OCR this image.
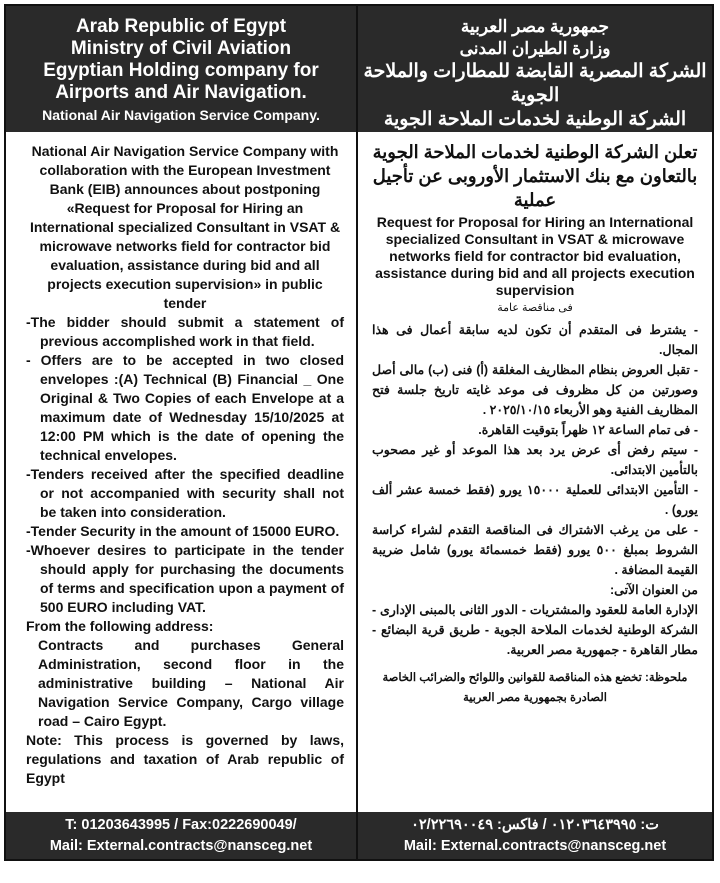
Arab Republic of Egypt
Ministry of Civil Aviation
Egyptian Holding company for
Airports and Air Navigation.
National Air Navigation Service Company.

National Air Navigation Service Company with collaboration with the European Investment Bank (EIB) announces about postponing «Request for Proposal for Hiring an International specialized Consultant in VSAT & microwave networks field for contractor bid evaluation, assistance during bid and all projects execution supervision» in public tender

-The bidder should submit a statement of previous accomplished work in that field.

- Offers are to be accepted in two closed envelopes :(A) Technical (B) Financial _ One Original & Two Copies of each Envelope at a maximum date of Wednesday 15/10/2025 at 12:00 PM which is the date of opening the technical envelopes.

-Tenders received after the specified deadline or not accompanied with security shall not be taken into consideration.

-Tender Security in the amount of 15000 EURO.

-Whoever desires to participate in the tender should apply for purchasing the documents of terms and specification upon a payment of 500 EURO including VAT.

From the following address:

Contracts and purchases General Administration, second floor in the administrative building – National Air Navigation Service Company, Cargo village road – Cairo Egypt.

Note: This process is governed by laws, regulations and taxation of Arab republic of Egypt

T: 01203643995 / Fax:0222690049/
Mail: External.contracts@nansceg.net
جمهورية مصر العربية
وزارة الطيران المدنى
الشركة المصرية القابضة للمطارات والملاحة الجوية
الشركة الوطنية لخدمات الملاحة الجوية
تعلن الشركة الوطنية لخدمات الملاحة الجوية بالتعاون مع بنك الاستثمار الأوروبى عن تأجيل عملية
Request for Proposal for Hiring an International specialized Consultant in VSAT & microwave networks field for contractor bid evaluation, assistance during bid and all projects execution supervision
فى مناقصة عامة

- يشترط فى المتقدم أن تكون لديه سابقة أعمال فى هذا المجال.

- تقبل العروض بنظام المظاريف المغلقة (أ) فنى (ب) مالى أصل وصورتين من كل مظروف فى موعد غايته تاريخ جلسة فتح المظاريف الفنية وهو الأربعاء ٢٠٢٥/١٠/١٥ .

- فى تمام الساعة ١٢ ظهراً بتوقيت القاهرة.

- سيتم رفض أى عرض يرد بعد هذا الموعد أو غير مصحوب بالتأمين الابتدائى.

- التأمين الابتدائى للعملية ١٥٠٠٠ يورو (فقط خمسة عشر ألف يورو) .

- على من يرغب الاشتراك فى المناقصة التقدم لشراء كراسة الشروط بمبلغ ٥٠٠ يورو (فقط خمسمائة يورو) شامل ضريبة القيمة المضافة .

من العنوان الآتى:

الإدارة العامة للعقود والمشتريات - الدور الثانى بالمبنى الإدارى - الشركة الوطنية لخدمات الملاحة الجوية - طريق قرية البضائع - مطار القاهرة - جمهورية مصر العربية.

ملحوظة: تخضع هذه المناقصة للقوانين واللوائح والضرائب الخاصة الصادرة بجمهورية مصر العربية
ت: ٠١٢٠٣٦٤٣٩٩٥ / فاكس: ٠٢/٢٢٦٩٠٠٤٩
Mail: External.contracts@nansceg.net
